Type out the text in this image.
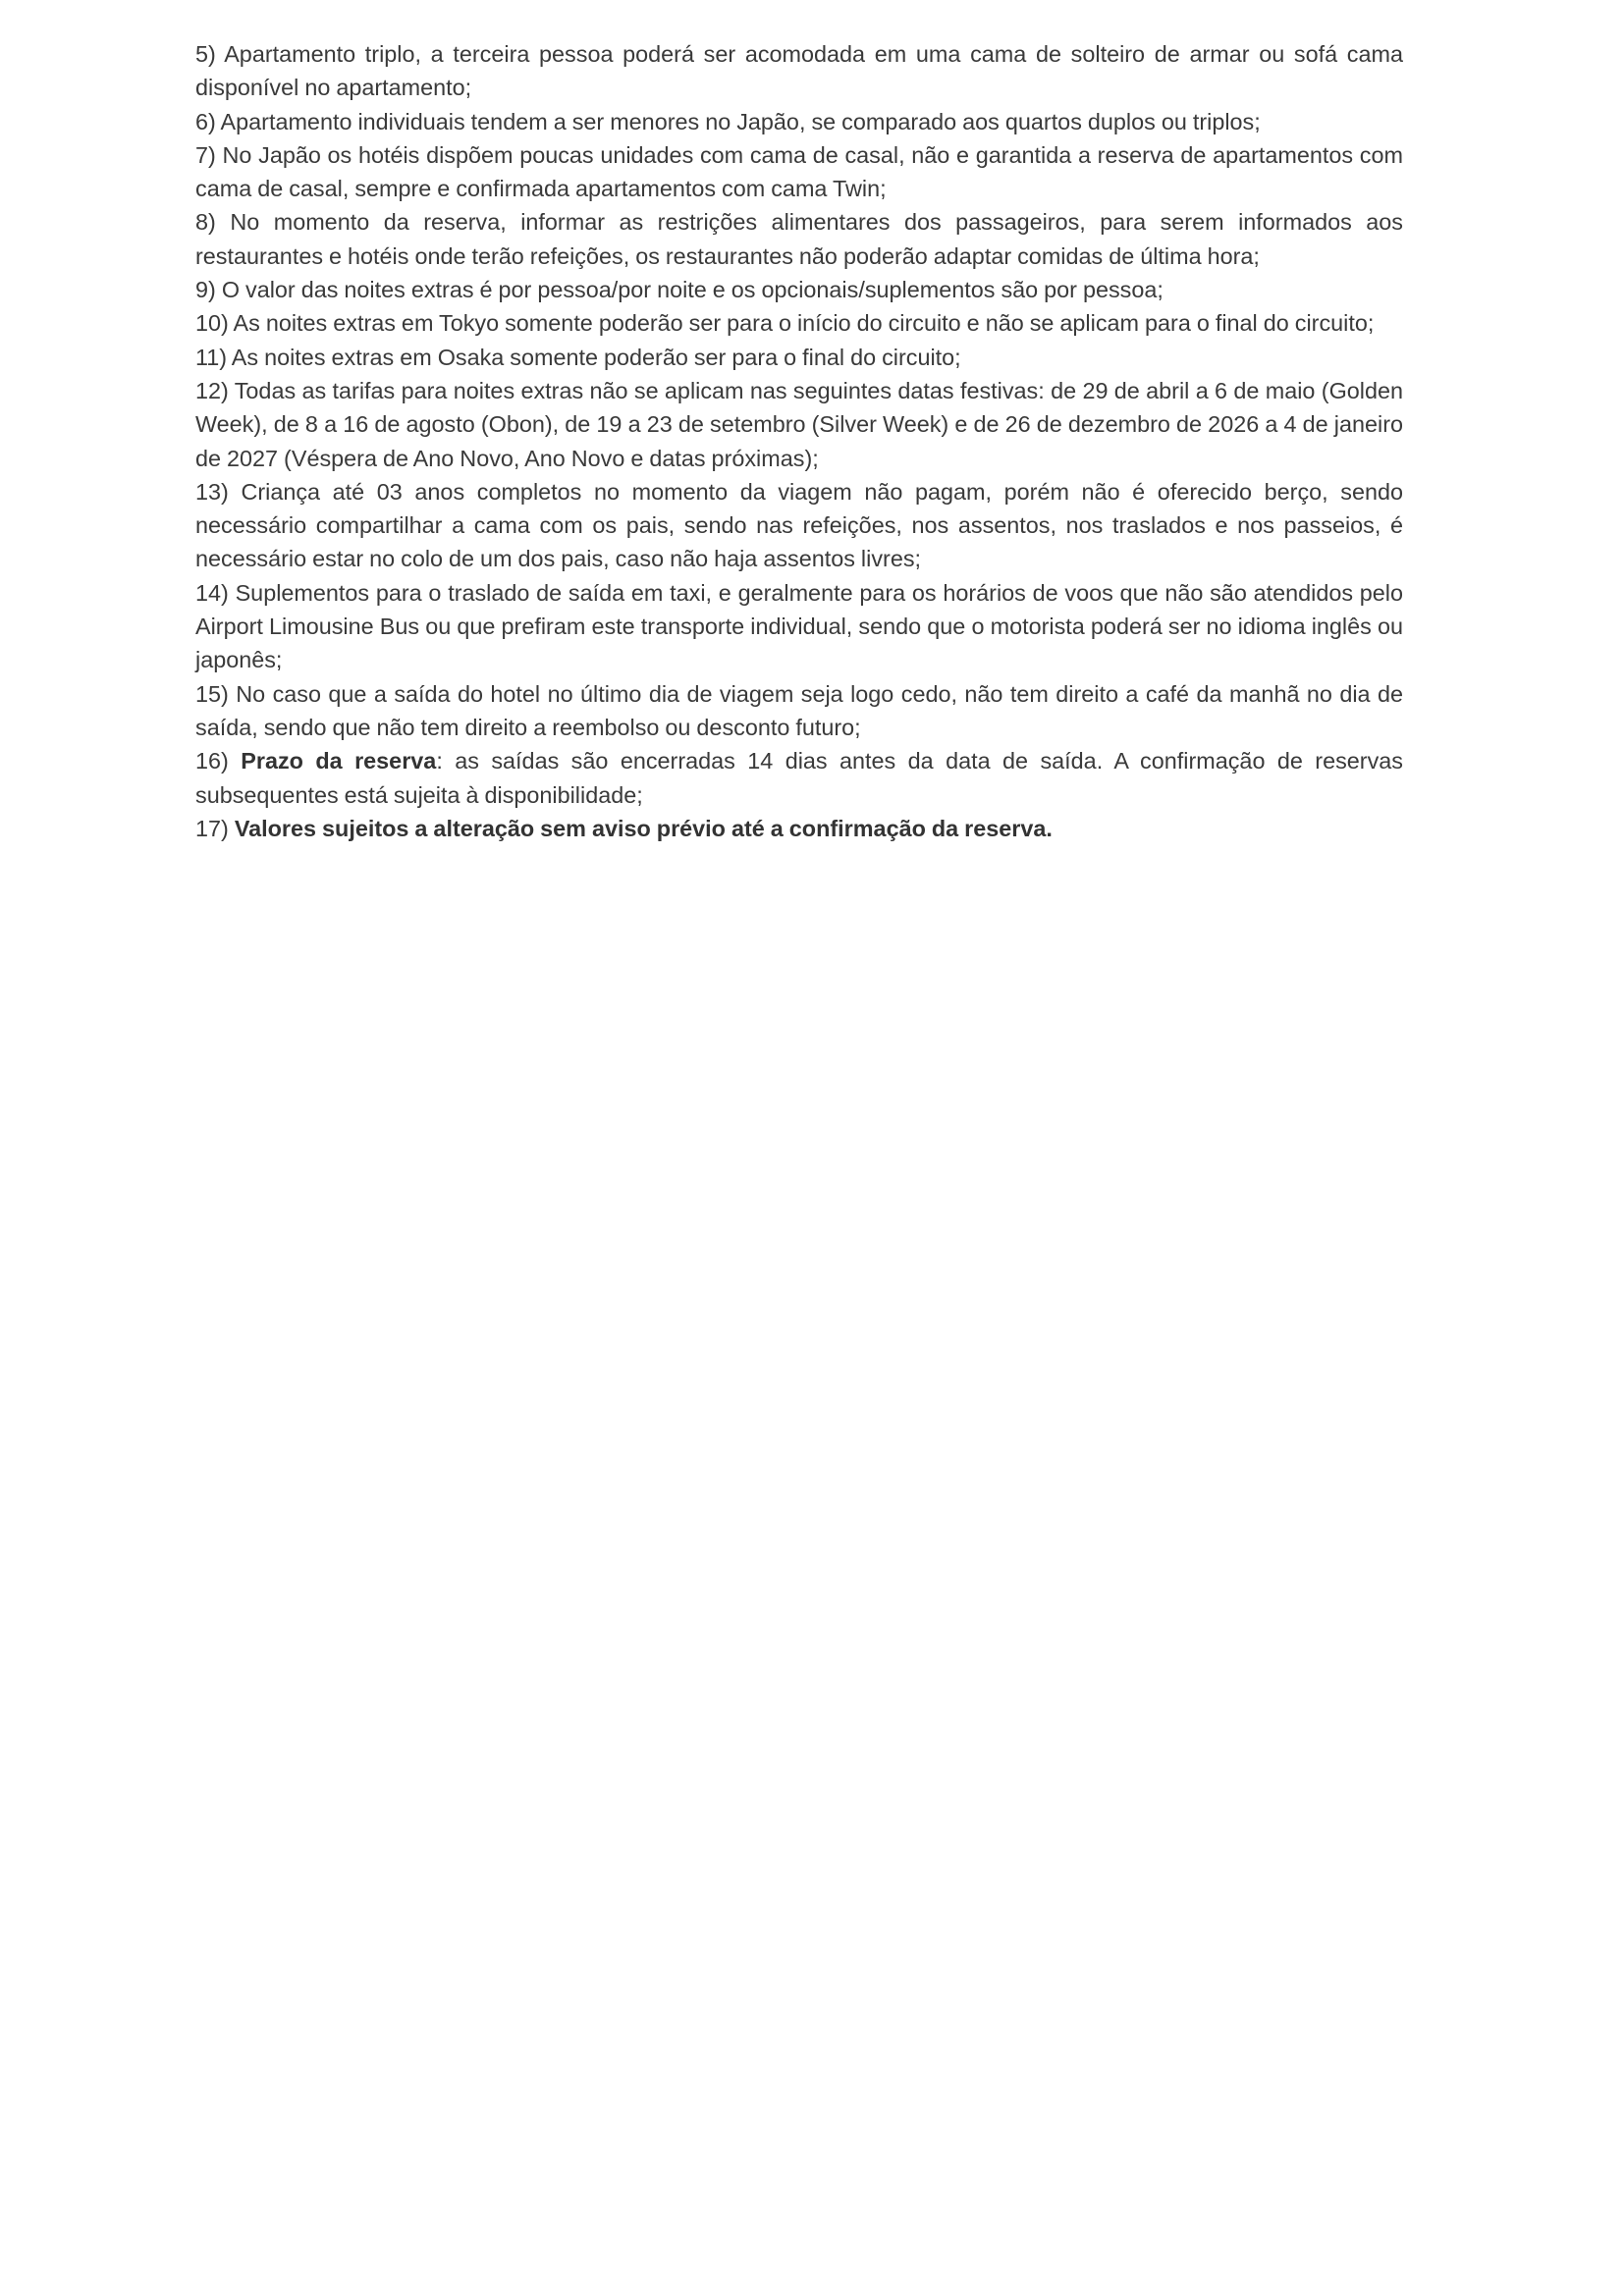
5) Apartamento triplo, a terceira pessoa poderá ser acomodada em uma cama de solteiro de armar ou sofá cama disponível no apartamento;

6) Apartamento individuais tendem a ser menores no Japão, se comparado aos quartos duplos ou triplos;

7) No Japão os hotéis dispõem poucas unidades com cama de casal, não e garantida a reserva de apartamentos com cama de casal, sempre e confirmada apartamentos com cama Twin;

8) No momento da reserva, informar as restrições alimentares dos passageiros, para serem informados aos restaurantes e hotéis onde terão refeições, os restaurantes não poderão adaptar comidas de última hora;

9) O valor das noites extras é por pessoa/por noite e os opcionais/suplementos são por pessoa;

10) As noites extras em Tokyo somente poderão ser para o início do circuito e não se aplicam para o final do circuito;

11) As noites extras em Osaka somente poderão ser para o final do circuito;

12) Todas as tarifas para noites extras não se aplicam nas seguintes datas festivas: de 29 de abril a 6 de maio (Golden Week), de 8 a 16 de agosto (Obon), de 19 a 23 de setembro (Silver Week) e de 26 de dezembro de 2026 a 4 de janeiro de 2027 (Véspera de Ano Novo, Ano Novo e datas próximas);

13) Criança até 03 anos completos no momento da viagem não pagam, porém não é oferecido berço, sendo necessário compartilhar a cama com os pais, sendo nas refeições, nos assentos, nos traslados e nos passeios, é necessário estar no colo de um dos pais, caso não haja assentos livres;

14) Suplementos para o traslado de saída em taxi, e geralmente para os horários de voos que não são atendidos pelo Airport Limousine Bus ou que prefiram este transporte individual, sendo que o motorista poderá ser no idioma inglês ou japonês;

15) No caso que a saída do hotel no último dia de viagem seja logo cedo, não tem direito a café da manhã no dia de saída, sendo que não tem direito a reembolso ou desconto futuro;

16) Prazo da reserva: as saídas são encerradas 14 dias antes da data de saída. A confirmação de reservas subsequentes está sujeita à disponibilidade;

17) Valores sujeitos a alteração sem aviso prévio até a confirmação da reserva.
